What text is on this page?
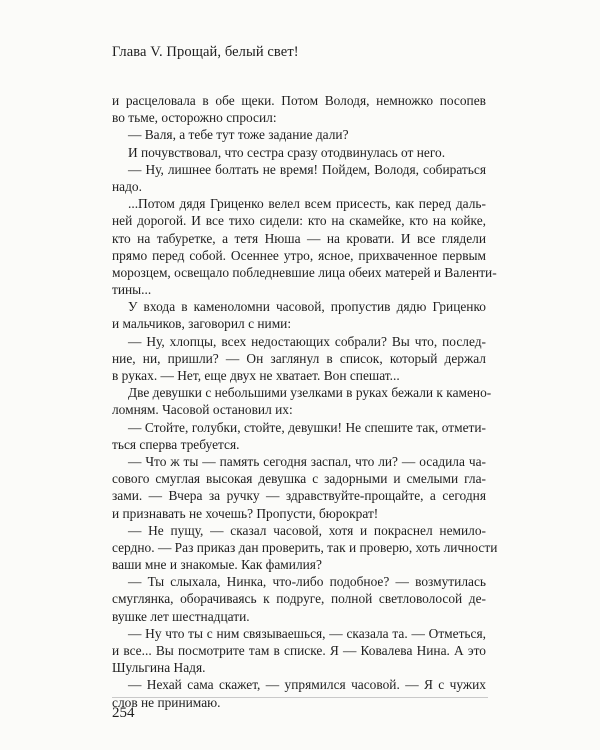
Глава V. Прощай, белый свет!
и расцеловала в обе щеки. Потом Володя, немножко посопев
во тьме, осторожно спросил:
— Валя, а тебе тут тоже задание дали?
И почувствовал, что сестра сразу отодвинулась от него.
— Ну, лишнее болтать не время! Пойдем, Володя, собираться
надо.
...Потом дядя Гриценко велел всем присесть, как перед даль-
ней дорогой. И все тихо сидели: кто на скамейке, кто на койке,
кто на табуретке, а тетя Нюша — на кровати. И все глядели
прямо перед собой. Осеннее утро, ясное, прихваченное первым
морозцем, освещало побледневшие лица обеих матерей и Валенти-
тины...
У входа в каменоломни часовой, пропустив дядю Гриценко
и мальчиков, заговорил с ними:
— Ну, хлопцы, всех недостающих собрали? Вы что, послед-
ние, ни, пришли? — Он заглянул в список, который держал
в руках. — Нет, еще двух не хватает. Вон спешат...
Две девушки с небольшими узелками в руках бежали к камено-
ломням. Часовой остановил их:
— Стойте, голубки, стойте, девушки! Не спешите так, отмети-
ться сперва требуется.
— Что ж ты — память сегодня заспал, что ли? — осадила ча-
сового смуглая высокая девушка с задорными и смелыми гла-
зами. — Вчера за ручку — здравствуйте-прощайте, а сегодня
и признавать не хочешь? Пропусти, бюрократ!
— Не пущу, — сказал часовой, хотя и покраснел немило-
сердно. — Раз приказ дан проверить, так и проверю, хоть личности
ваши мне и знакомые. Как фамилия?
— Ты слыхала, Нинка, что-либо подобное? — возмутилась
смуглянка, оборачиваясь к подруге, полной светловолосой де-
вушке лет шестнадцати.
— Ну что ты с ним связываешься, — сказала та. — Отметься,
и все... Вы посмотрите там в списке. Я — Ковалева Нина. А это
Шульгина Надя.
— Нехай сама скажет, — упрямился часовой. — Я с чужих
слов не принимаю.
254
